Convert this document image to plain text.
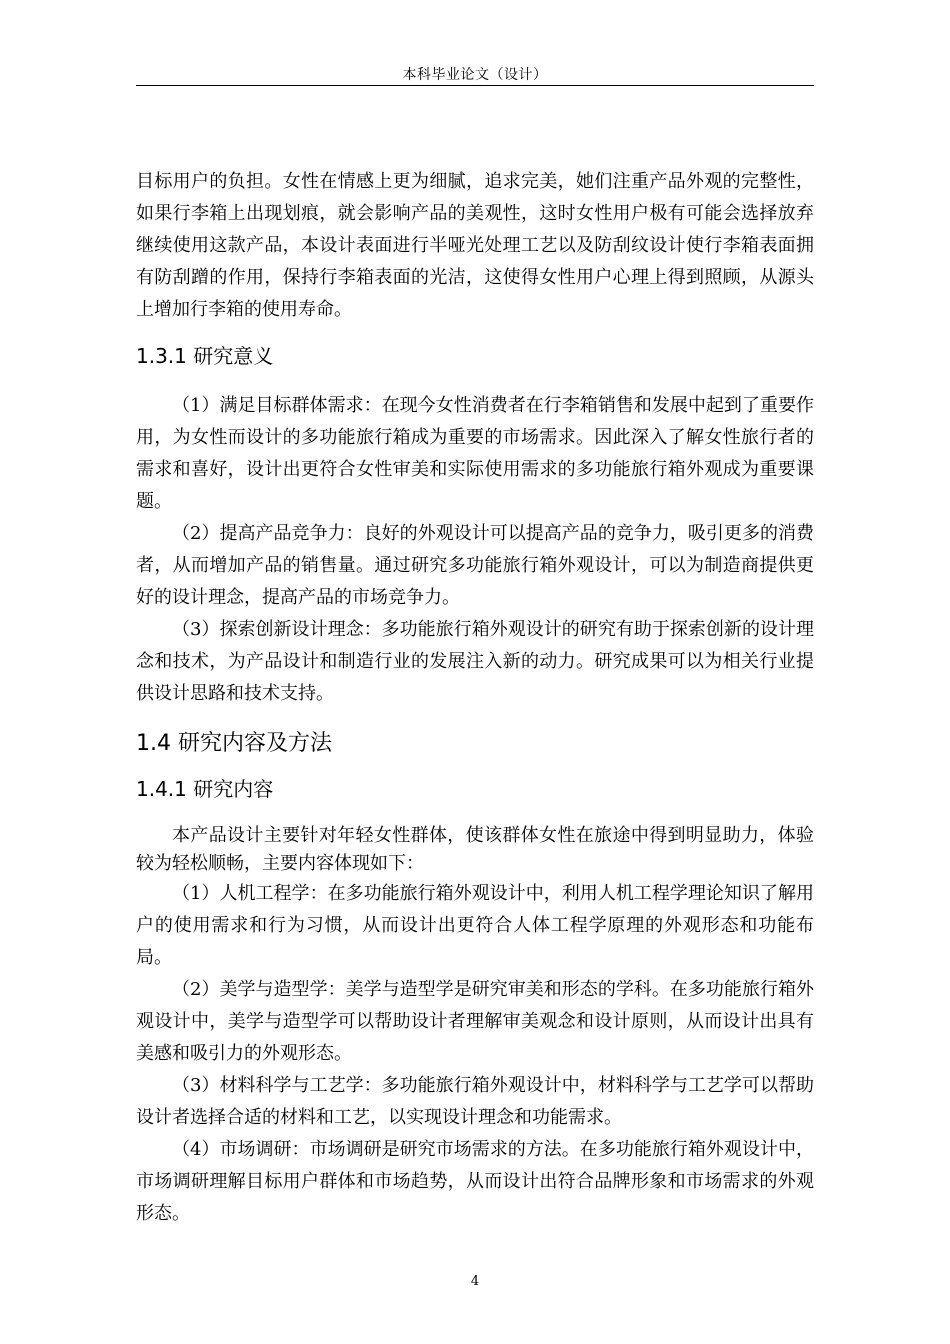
本科毕业论文（设计）

目标用户的负担。女性在情感上更为细腻，追求完美，她们注重产品外观的完整性，如果行李箱上出现划痕，就会影响产品的美观性，这时女性用户极有可能会选择放弃继续使用这款产品，本设计表面进行半哑光处理工艺以及防刮纹设计使行李箱表面拥有防刮蹭的作用，保持行李箱表面的光洁，这使得女性用户心理上得到照顾，从源头上增加行李箱的使用寿命。

1.3.1 研究意义

（1）满足目标群体需求：在现今女性消费者在行李箱销售和发展中起到了重要作用，为女性而设计的多功能旅行箱成为重要的市场需求。因此深入了解女性旅行者的需求和喜好，设计出更符合女性审美和实际使用需求的多功能旅行箱外观成为重要课题。

（2）提高产品竞争力：良好的外观设计可以提高产品的竞争力，吸引更多的消费者，从而增加产品的销售量。通过研究多功能旅行箱外观设计，可以为制造商提供更好的设计理念，提高产品的市场竞争力。

（3）探索创新设计理念：多功能旅行箱外观设计的研究有助于探索创新的设计理念和技术，为产品设计和制造行业的发展注入新的动力。研究成果可以为相关行业提供设计思路和技术支持。

1.4 研究内容及方法
1.4.1 研究内容

本产品设计主要针对年轻女性群体，使该群体女性在旅途中得到明显助力，体验较为轻松顺畅，主要内容体现如下：

（1）人机工程学：在多功能旅行箱外观设计中，利用人机工程学理论知识了解用户的使用需求和行为习惯，从而设计出更符合人体工程学原理的外观形态和功能布局。

（2）美学与造型学：美学与造型学是研究审美和形态的学科。在多功能旅行箱外观设计中，美学与造型学可以帮助设计者理解审美观念和设计原则，从而设计出具有美感和吸引力的外观形态。

（3）材料科学与工艺学：多功能旅行箱外观设计中，材料科学与工艺学可以帮助设计者选择合适的材料和工艺，以实现设计理念和功能需求。

（4）市场调研：市场调研是研究市场需求的方法。在多功能旅行箱外观设计中，市场调研理解目标用户群体和市场趋势，从而设计出符合品牌形象和市场需求的外观形态。

4
